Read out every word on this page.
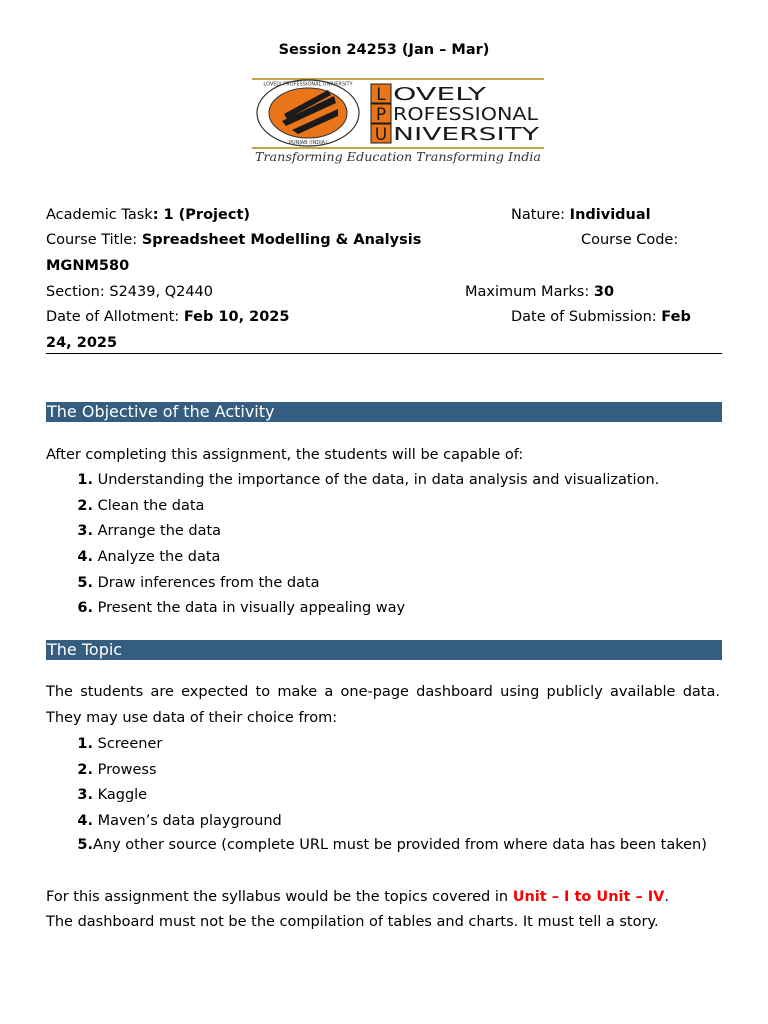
Session 24253 (Jan – Mar)
LOVELY PROFESSIONAL UNIVERSITY
PUNJAB (INDIA)
L
P
U
OVELY
ROFESSIONAL
NIVERSITY
Transforming Education Transforming India
Academic Task: 1 (Project)	Nature: Individual
Course Title: Spreadsheet Modelling & Analysis	Course Code:
MGNM580
Section: S2439, Q2440	Maximum Marks: 30
Date of Allotment: Feb 10, 2025	Date of Submission: Feb
24, 2025
The Objective of the Activity
After completing this assignment, the students will be capable of:
1. Understanding the importance of the data, in data analysis and visualization.
2. Clean the data
3. Arrange the data
4. Analyze the data
5. Draw inferences from the data
6. Present the data in visually appealing way
The Topic
The students are expected to make a one-page dashboard using publicly available data. They may use data of their choice from:
1. Screener
2. Prowess
3. Kaggle
4. Maven’s data playground
5. Any other source (complete URL must be provided from where data has been taken)
For this assignment the syllabus would be the topics covered in Unit – I to Unit – IV.
The dashboard must not be the compilation of tables and charts. It must tell a story.
